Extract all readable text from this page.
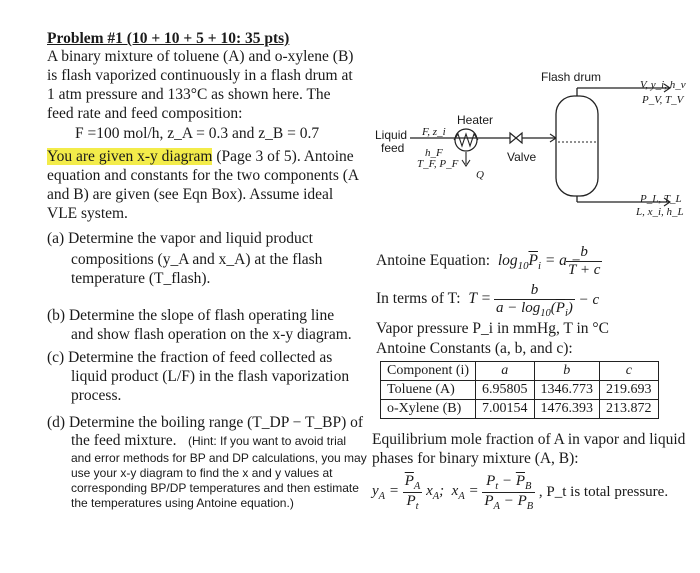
Problem #1 (10 + 10 + 5 + 10: 35 pts)
A binary mixture of toluene (A) and o-xylene (B)
is flash vaporized continuously in a flash drum at
1 atm pressure and 133°C as shown here. The
feed rate and feed composition:
F =100 mol/h, z_A = 0.3 and z_B = 0.7
You are given x-y diagram (Page 3 of 5). Antoine
equation and constants for the two components (A
and B) are given (see Eqn Box). Assume ideal
VLE system.
(a) Determine the vapor and liquid product
compositions (y_A and x_A) at the flash
temperature (T_flash).
(b) Determine the slope of flash operating line
and show flash operation on the x-y diagram.
(c) Determine the fraction of feed collected as
liquid product (L/F) in the flash vaporization
process.
(d) Determine the boiling range (T_DP − T_BP) of
the feed mixture. (Hint: If you want to avoid trial
and error methods for BP and DP calculations, you may
use your x-y diagram to find the x and y values at
corresponding BP/DP temperatures and then estimate
the temperatures using Antoine equation.)
Flash drum
Heater
Liquid
feed
F, z_i
h_F
T_F, P_F
Q
Valve
V, y_i, h_v
P_V, T_V
P_L, T_L
L, x_i, h_L
Antoine Equation:  $\log_{10}\overline{P}_i = a$ −
$\frac{b}{T + c}$
In terms of T:  $T = \frac{b}{a - \log_{10}(\overline{P}_i)} - c$
Vapor pressure P_i in mmHg, T in °C
Antoine Constants (a, b, and c):
Component (i)	a	b	c
Toluene (A)	6.95805	1346.773	219.693
o-Xylene (B)	7.00154	1476.393	213.872
Equilibrium mole fraction of A in vapor and liquid
phases for binary mixture (A, B):
$y_A = \frac{\overline{P}_A}{P_t} x_A$;  $x_A = \frac{P_t - \overline{P}_B}{\overline{P}_A - \overline{P}_B}$ , P_t is total pressure.
